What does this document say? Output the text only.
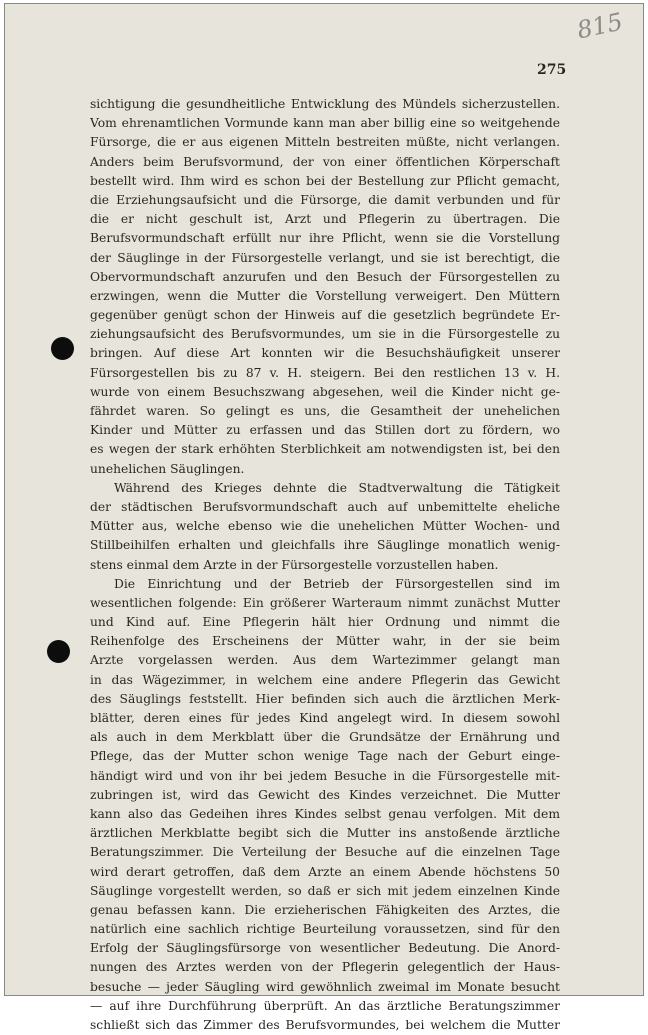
815
275
sichtigung die gesundheitliche Entwicklung des Mündels sicherzustellen.
Vom ehrenamtlichen Vormunde kann man aber billig eine so weitgehende
Fürsorge, die er aus eigenen Mitteln bestreiten müßte, nicht verlangen.
Anders beim Berufsvormund, der von einer öffentlichen Körperschaft
bestellt wird. Ihm wird es schon bei der Bestellung zur Pflicht gemacht,
die Erziehungsaufsicht und die Fürsorge, die damit verbunden und für
die er nicht geschult ist, Arzt und Pflegerin zu übertragen. Die
Berufsvormundschaft erfüllt nur ihre Pflicht, wenn sie die Vorstellung
der Säuglinge in der Fürsorgestelle verlangt, und sie ist berechtigt, die
Obervormundschaft anzurufen und den Besuch der Fürsorgestellen zu
erzwingen, wenn die Mutter die Vorstellung verweigert. Den Müttern
gegenüber genügt schon der Hinweis auf die gesetzlich begründete Er-
ziehungsaufsicht des Berufsvormundes, um sie in die Fürsorgestelle zu
bringen. Auf diese Art konnten wir die Besuchshäufigkeit unserer
Fürsorgestellen bis zu 87 v. H. steigern. Bei den restlichen 13 v. H.
wurde von einem Besuchszwang abgesehen, weil die Kinder nicht ge-
fährdet waren. So gelingt es uns, die Gesamtheit der unehelichen
Kinder und Mütter zu erfassen und das Stillen dort zu fördern, wo
es wegen der stark erhöhten Sterblichkeit am notwendigsten ist, bei den
unehelichen Säuglingen.
Während des Krieges dehnte die Stadtverwaltung die Tätigkeit
der städtischen Berufsvormundschaft auch auf unbemittelte eheliche
Mütter aus, welche ebenso wie die unehelichen Mütter Wochen- und
Stillbeihilfen erhalten und gleichfalls ihre Säuglinge monatlich wenig-
stens einmal dem Arzte in der Fürsorgestelle vorzustellen haben.
Die Einrichtung und der Betrieb der Fürsorgestellen sind im
wesentlichen folgende: Ein größerer Warteraum nimmt zunächst Mutter
und Kind auf. Eine Pflegerin hält hier Ordnung und nimmt die
Reihenfolge des Erscheinens der Mütter wahr, in der sie beim
Arzte vorgelassen werden. Aus dem Wartezimmer gelangt man
in das Wägezimmer, in welchem eine andere Pflegerin das Gewicht
des Säuglings feststellt. Hier befinden sich auch die ärztlichen Merk-
blätter, deren eines für jedes Kind angelegt wird. In diesem sowohl
als auch in dem Merkblatt über die Grundsätze der Ernährung und
Pflege, das der Mutter schon wenige Tage nach der Geburt einge-
händigt wird und von ihr bei jedem Besuche in die Fürsorgestelle mit-
zubringen ist, wird das Gewicht des Kindes verzeichnet. Die Mutter
kann also das Gedeihen ihres Kindes selbst genau verfolgen. Mit dem
ärztlichen Merkblatte begibt sich die Mutter ins anstoßende ärztliche
Beratungszimmer. Die Verteilung der Besuche auf die einzelnen Tage
wird derart getroffen, daß dem Arzte an einem Abende höchstens 50
Säuglinge vorgestellt werden, so daß er sich mit jedem einzelnen Kinde
genau befassen kann. Die erzieherischen Fähigkeiten des Arztes, die
natürlich eine sachlich richtige Beurteilung voraussetzen, sind für den
Erfolg der Säuglingsfürsorge von wesentlicher Bedeutung. Die Anord-
nungen des Arztes werden von der Pflegerin gelegentlich der Haus-
besuche — jeder Säugling wird gewöhnlich zweimal im Monate besucht
— auf ihre Durchführung überprüft. An das ärztliche Beratungszimmer
schließt sich das Zimmer des Berufsvormundes, bei welchem die Mutter
